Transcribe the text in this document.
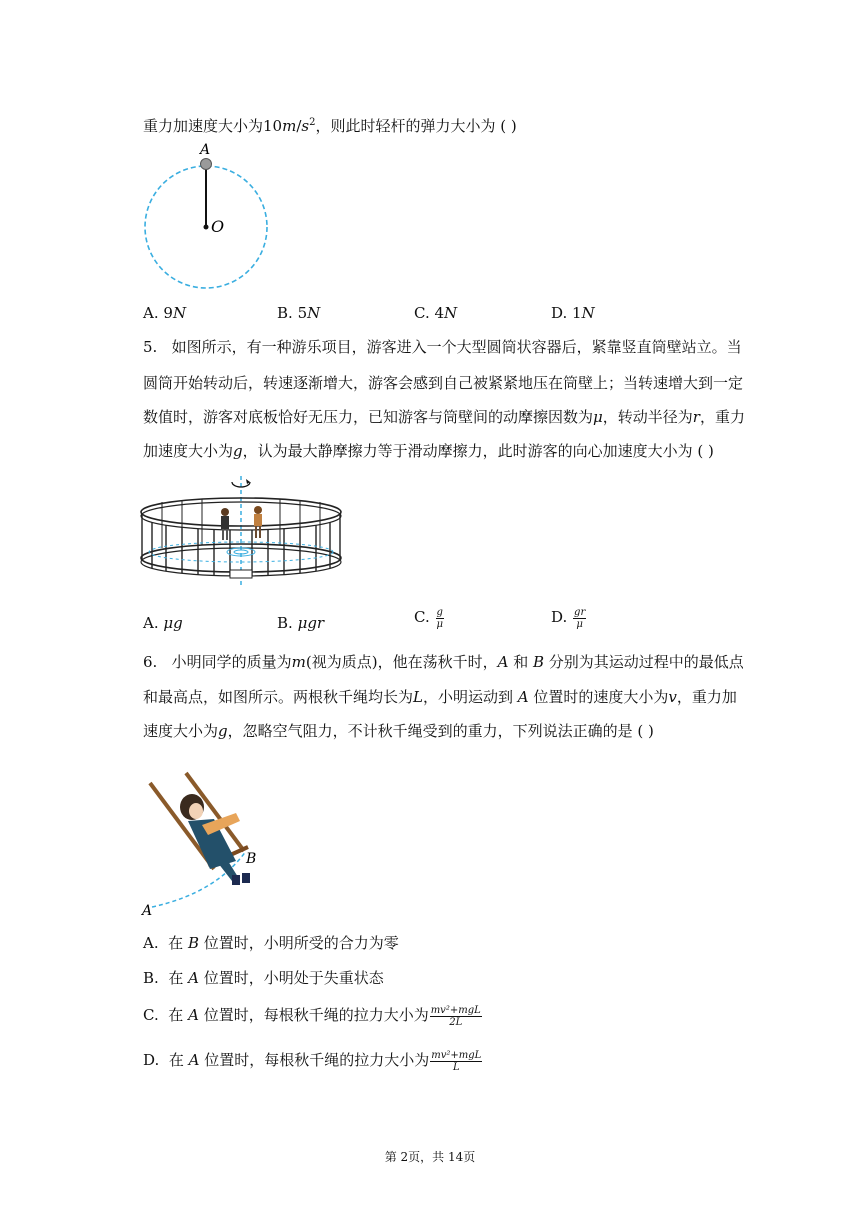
重力加速度大小为$10m/s^2$，则此时轻杆的弹力大小为 ( )
A
O
A. 9N	B. 5N	C. 4N	D. 1N
5. 如图所示，有一种游乐项目，游客进入一个大型圆筒状容器后，紧靠竖直筒壁站立。当
圆筒开始转动后，转速逐渐增大，游客会感到自己被紧紧地压在筒壁上；当转速增大到一定
数值时，游客对底板恰好无压力，已知游客与筒壁间的动摩擦因数为μ，转动半径为r，重力
加速度大小为g，认为最大静摩擦力等于滑动摩擦力，此时游客的向心加速度大小为 ( )
A. μg	B. μgr	C. $\frac{g}{\mu}$	D. $\frac{gr}{\mu}$
6. 小明同学的质量为m(视为质点)，他在荡秋千时，A 和 B 分别为其运动过程中的最低点
和最高点，如图所示。两根秋千绳均长为L，小明运动到 A 位置时的速度大小为v，重力加
速度大小为g，忽略空气阻力，不计秋千绳受到的重力，下列说法正确的是 ( )
A
B
A. 在 B 位置时，小明所受的合力为零
B. 在 A 位置时，小明处于失重状态
C. 在 A 位置时，每根秋千绳的拉力大小为 $\frac{\text{mv²+mgL}}{2L}$
D. 在 A 位置时，每根秋千绳的拉力大小为 $\frac{\text{mv²+mgL}}{L}$
第 2页，共 14页
